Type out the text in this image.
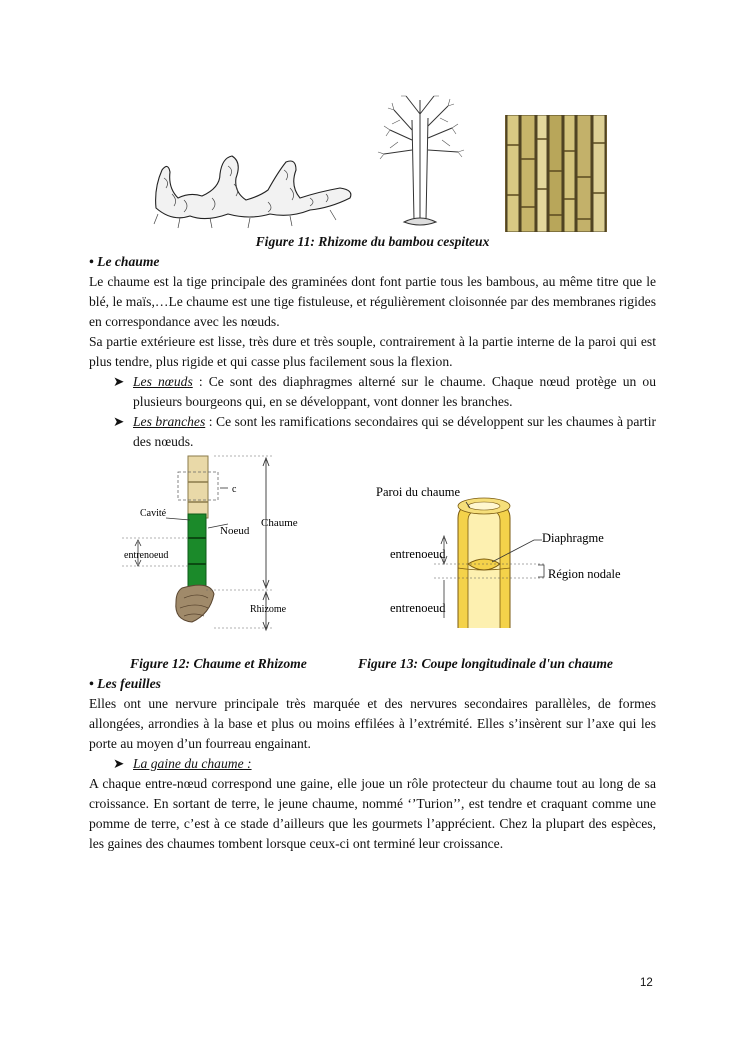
Figure 11: Rhizome du bambou cespiteux
• Le chaume
Le chaume est la tige principale des graminées dont font partie tous les bambous, au même titre que le blé, le maïs,…Le chaume est une tige fistuleuse, et régulièrement cloisonnée par des membranes rigides en correspondance avec les nœuds.
Sa partie extérieure est lisse, très dure et très souple, contrairement à la partie interne de la paroi qui est plus tendre, plus rigide et qui casse plus facilement sous la flexion.
➤ Les nœuds : Ce sont des diaphragmes alterné sur le chaume. Chaque nœud protège un ou plusieurs bourgeons qui, en se développant, vont donner les branches.
➤ Les branches : Ce sont les ramifications secondaires qui se développent sur les chaumes à partir des nœuds.
c
Cavité
Noeud
Chaume
entrenoeud
Rhizome
Paroi du chaume
Diaphragme
entrenoeud
Région nodale
entrenoeud
Figure 12: Chaume et Rhizome	Figure 13: Coupe longitudinale d'un chaume
• Les feuilles
Elles ont une nervure principale très marquée et des nervures secondaires parallèles, de formes allongées, arrondies à la base et plus ou moins effilées à l’extrémité. Elles s’insèrent sur l’axe qui les porte au moyen d’un fourreau engainant.
➤ La gaine du chaume :
A chaque entre-nœud correspond une gaine, elle joue un rôle protecteur du chaume tout au long de sa croissance. En sortant de terre, le jeune chaume, nommé ‘’Turion’’, est tendre et craquant comme une pomme de terre, c’est à ce stade d’ailleurs que les gourmets l’apprécient. Chez la plupart des espèces, les gaines des chaumes tombent lorsque ceux-ci ont terminé leur croissance.
12
